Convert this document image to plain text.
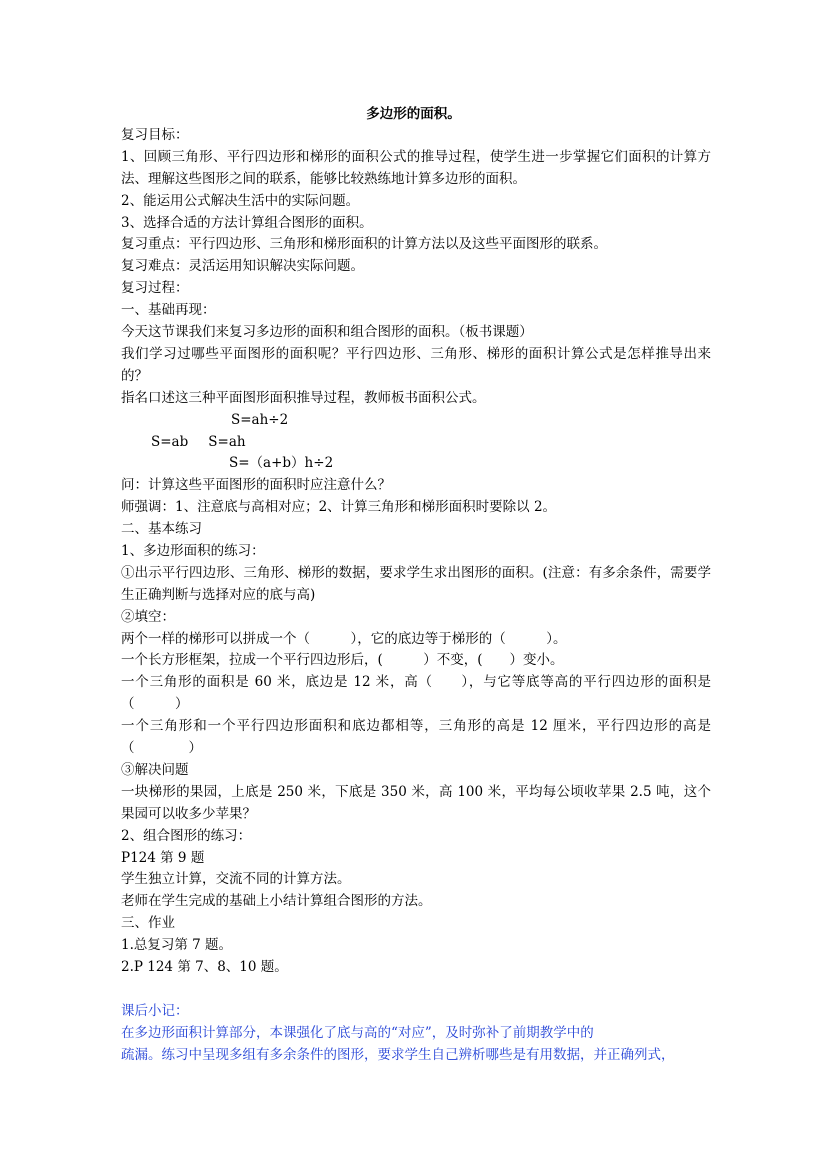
多边形的面积。
复习目标：
1、回顾三角形、平行四边形和梯形的面积公式的推导过程，使学生进一步掌握它们面积的计算方法、理解这些图形之间的联系，能够比较熟练地计算多边形的面积。
2、能运用公式解决生活中的实际问题。
3、选择合适的方法计算组合图形的面积。
复习重点：平行四边形、三角形和梯形面积的计算方法以及这些平面图形的联系。
复习难点：灵活运用知识解决实际问题。
复习过程：
一、基础再现：
今天这节课我们来复习多边形的面积和组合图形的面积。（板书课题）
我们学习过哪些平面图形的面积呢？平行四边形、三角形、梯形的面积计算公式是怎样推导出来的？
指名口述这三种平面图形面积推导过程，教师板书面积公式。
S=ah÷2
S=ab S=ah
S=（a+b）h÷2
问：计算这些平面图形的面积时应注意什么？
师强调：1、注意底与高相对应；2、计算三角形和梯形面积时要除以 2。
二、基本练习
1、多边形面积的练习：
①出示平行四边形、三角形、梯形的数据，要求学生求出图形的面积。(注意：有多余条件，需要学生正确判断与选择对应的底与高)
②填空：
两个一样的梯形可以拼成一个（　　　），它的底边等于梯形的（　　　）。
一个长方形框架，拉成一个平行四边形后，(　　　）不变，(　　）变小。
一个三角形的面积是 60 米，底边是 12 米，高（　　），与它等底等高的平行四边形的面积是（　　　）
一个三角形和一个平行四边形面积和底边都相等，三角形的高是 12 厘米，平行四边形的高是（　　　　）
③解决问题
一块梯形的果园，上底是 250 米，下底是 350 米，高 100 米，平均每公顷收苹果 2.5 吨，这个果园可以收多少苹果？
2、组合图形的练习：
P124 第 9 题
学生独立计算，交流不同的计算方法。
老师在学生完成的基础上小结计算组合图形的方法。
三、作业
1.总复习第 7 题。
2.P 124 第 7、8、10 题。
课后小记：
在多边形面积计算部分，本课强化了底与高的“对应”，及时弥补了前期教学中的
疏漏。练习中呈现多组有多余条件的图形，要求学生自己辨析哪些是有用数据，并正确列式，
